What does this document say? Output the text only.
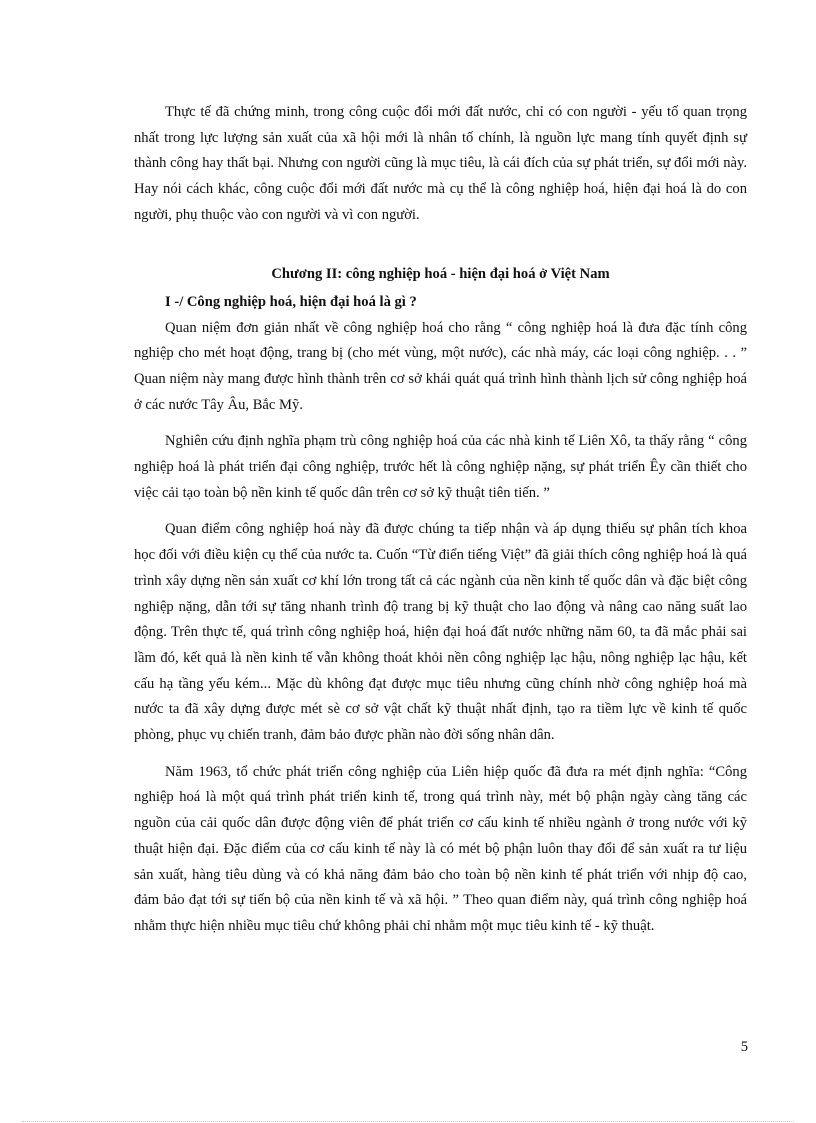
Thực tế đã chứng minh, trong công cuộc đổi mới đất nước, chỉ có con người - yếu tố quan trọng nhất trong lực lượng sản xuất của xã hội mới là nhân tố chính, là nguồn lực mang tính quyết định sự thành công hay thất bại. Nhưng con người cũng là mục tiêu, là cái đích của sự phát triển, sự đổi mới này. Hay nói cách khác, công cuộc đổi mới đất nước mà cụ thể là công nghiệp hoá, hiện đại hoá là do con người, phụ thuộc vào con người và vì con người.

Chương II: công nghiệp hoá - hiện đại hoá ở Việt Nam
I -/ Công nghiệp hoá, hiện đại hoá là gì ?

Quan niệm đơn giản nhất về công nghiệp hoá cho rằng “ công nghiệp hoá là đưa đặc tính công nghiệp cho mét hoạt động, trang bị (cho mét vùng, một nước), các nhà máy, các loại công nghiệp. . . ” Quan niệm này mang được hình thành trên cơ sở khái quát quá trình hình thành lịch sử công nghiệp hoá ở các nước Tây Âu, Bắc Mỹ.

Nghiên cứu định nghĩa phạm trù công nghiệp hoá của các nhà kinh tế Liên Xô, ta thấy rằng “ công nghiệp hoá là phát triển đại công nghiệp, trước hết là công nghiệp nặng, sự phát triển Êy cần thiết cho việc cải tạo toàn bộ nền kinh tế quốc dân trên cơ sở kỹ thuật tiên tiến. ”

Quan điểm công nghiệp hoá này đã được chúng ta tiếp nhận và áp dụng thiếu sự phân tích khoa học đối với điều kiện cụ thể của nước ta. Cuốn “Từ điển tiếng Việt” đã giải thích công nghiệp hoá là quá trình xây dựng nền sản xuất cơ khí lớn trong tất cả các ngành của nền kinh tế quốc dân và đặc biệt công nghiệp nặng, dẫn tới sự tăng nhanh trình độ trang bị kỹ thuật cho lao động và nâng cao năng suất lao động. Trên thực tế, quá trình công nghiệp hoá, hiện đại hoá đất nước những năm 60, ta đã mắc phải sai lầm đó, kết quả là nền kinh tế vẫn không thoát khỏi nền công nghiệp lạc hậu, nông nghiệp lạc hậu, kết cấu hạ tầng yếu kém... Mặc dù không đạt được mục tiêu nhưng cũng chính nhờ công nghiệp hoá mà nước ta đã xây dựng được mét sè cơ sở vật chất kỹ thuật nhất định, tạo ra tiềm lực về kinh tế quốc phòng, phục vụ chiến tranh, đảm bảo được phần nào đời sống nhân dân.

Năm 1963, tổ chức phát triển công nghiệp của Liên hiệp quốc đã đưa ra mét định nghĩa: “Công nghiệp hoá là một quá trình phát triển kinh tế, trong quá trình này, mét bộ phận ngày càng tăng các nguồn của cải quốc dân được động viên để phát triển cơ cấu kinh tế nhiều ngành ở trong nước với kỹ thuật hiện đại. Đặc điểm của cơ cấu kinh tế này là có mét bộ phận luôn thay đổi để sản xuất ra tư liệu sản xuất, hàng tiêu dùng và có khả năng đảm bảo cho toàn bộ nền kinh tế phát triển với nhịp độ cao, đảm bảo đạt tới sự tiến bộ của nền kinh tế và xã hội. ” Theo quan điểm này, quá trình công nghiệp hoá nhằm thực hiện nhiều mục tiêu chứ không phải chỉ nhằm một mục tiêu kinh tế - kỹ thuật.

5
